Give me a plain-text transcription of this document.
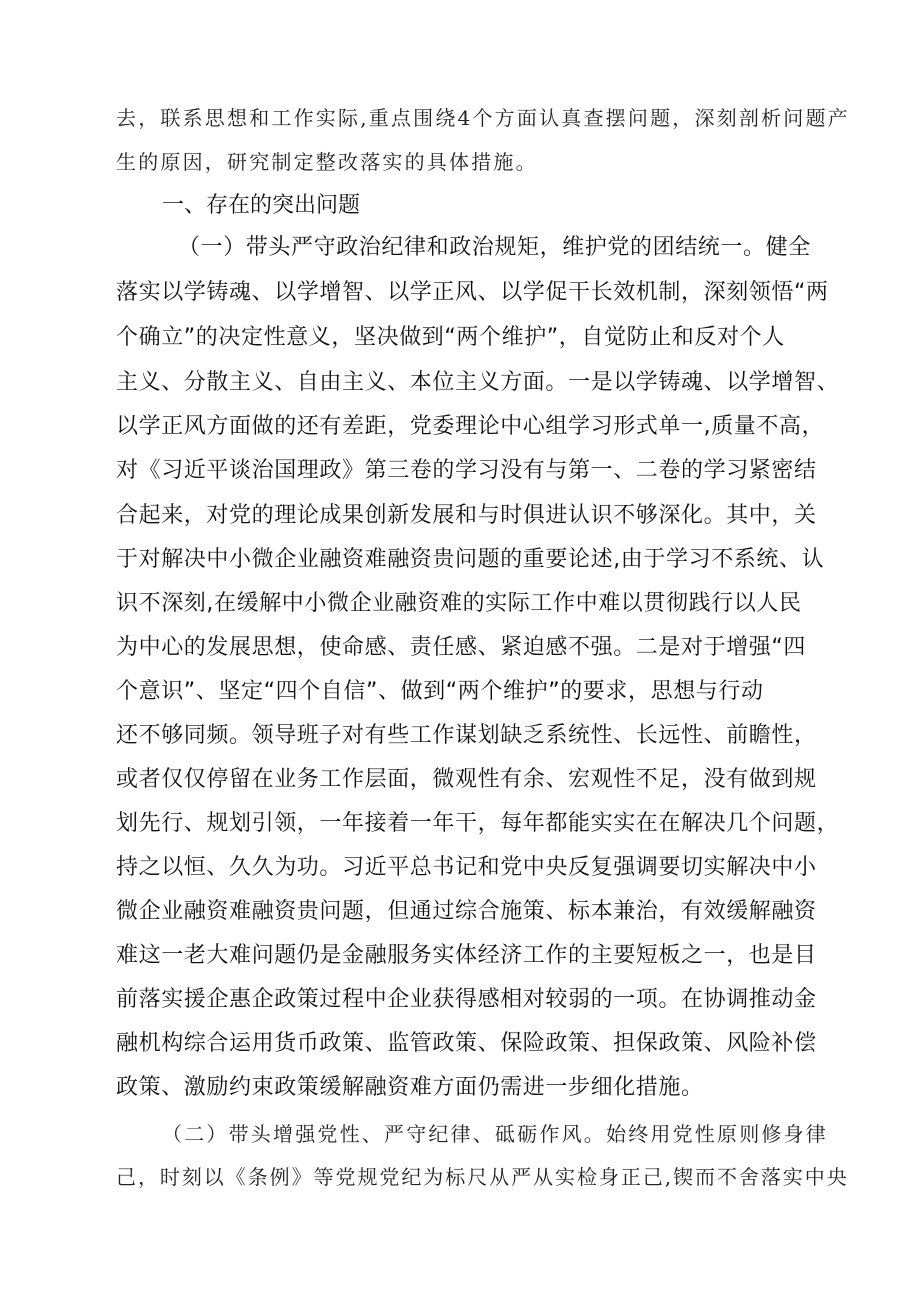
去，联系思想和工作实际,重点围绕4个方面认真查摆问题，深刻剖析问题产
生的原因，研究制定整改落实的具体措施。
一、存在的突出问题
（一）带头严守政治纪律和政治规矩，维护党的团结统一。健全
落实以学铸魂、以学增智、以学正风、以学促干长效机制，深刻领悟“两
个确立”的决定性意义，坚决做到“两个维护”，自觉防止和反对个人
主义、分散主义、自由主义、本位主义方面。一是以学铸魂、以学增智、
以学正风方面做的还有差距，党委理论中心组学习形式单一,质量不高，
对《习近平谈治国理政》第三卷的学习没有与第一、二卷的学习紧密结
合起来，对党的理论成果创新发展和与时俱进认识不够深化。其中，关
于对解决中小微企业融资难融资贵问题的重要论述,由于学习不系统、认
识不深刻,在缓解中小微企业融资难的实际工作中难以贯彻践行以人民
为中心的发展思想，使命感、责任感、紧迫感不强。二是对于增强“四
个意识”、坚定“四个自信”、做到“两个维护”的要求，思想与行动
还不够同频。领导班子对有些工作谋划缺乏系统性、长远性、前瞻性，
或者仅仅停留在业务工作层面，微观性有余、宏观性不足，没有做到规
划先行、规划引领，一年接着一年干，每年都能实实在在解决几个问题，
持之以恒、久久为功。习近平总书记和党中央反复强调要切实解决中小
微企业融资难融资贵问题，但通过综合施策、标本兼治，有效缓解融资
难这一老大难问题仍是金融服务实体经济工作的主要短板之一，也是目
前落实援企惠企政策过程中企业获得感相对较弱的一项。在协调推动金
融机构综合运用货币政策、监管政策、保险政策、担保政策、风险补偿
政策、激励约束政策缓解融资难方面仍需进一步细化措施。
（二）带头增强党性、严守纪律、砥砺作风。始终用党性原则修身律
己，时刻以《条例》等党规党纪为标尺从严从实检身正己,锲而不舍落实中央
